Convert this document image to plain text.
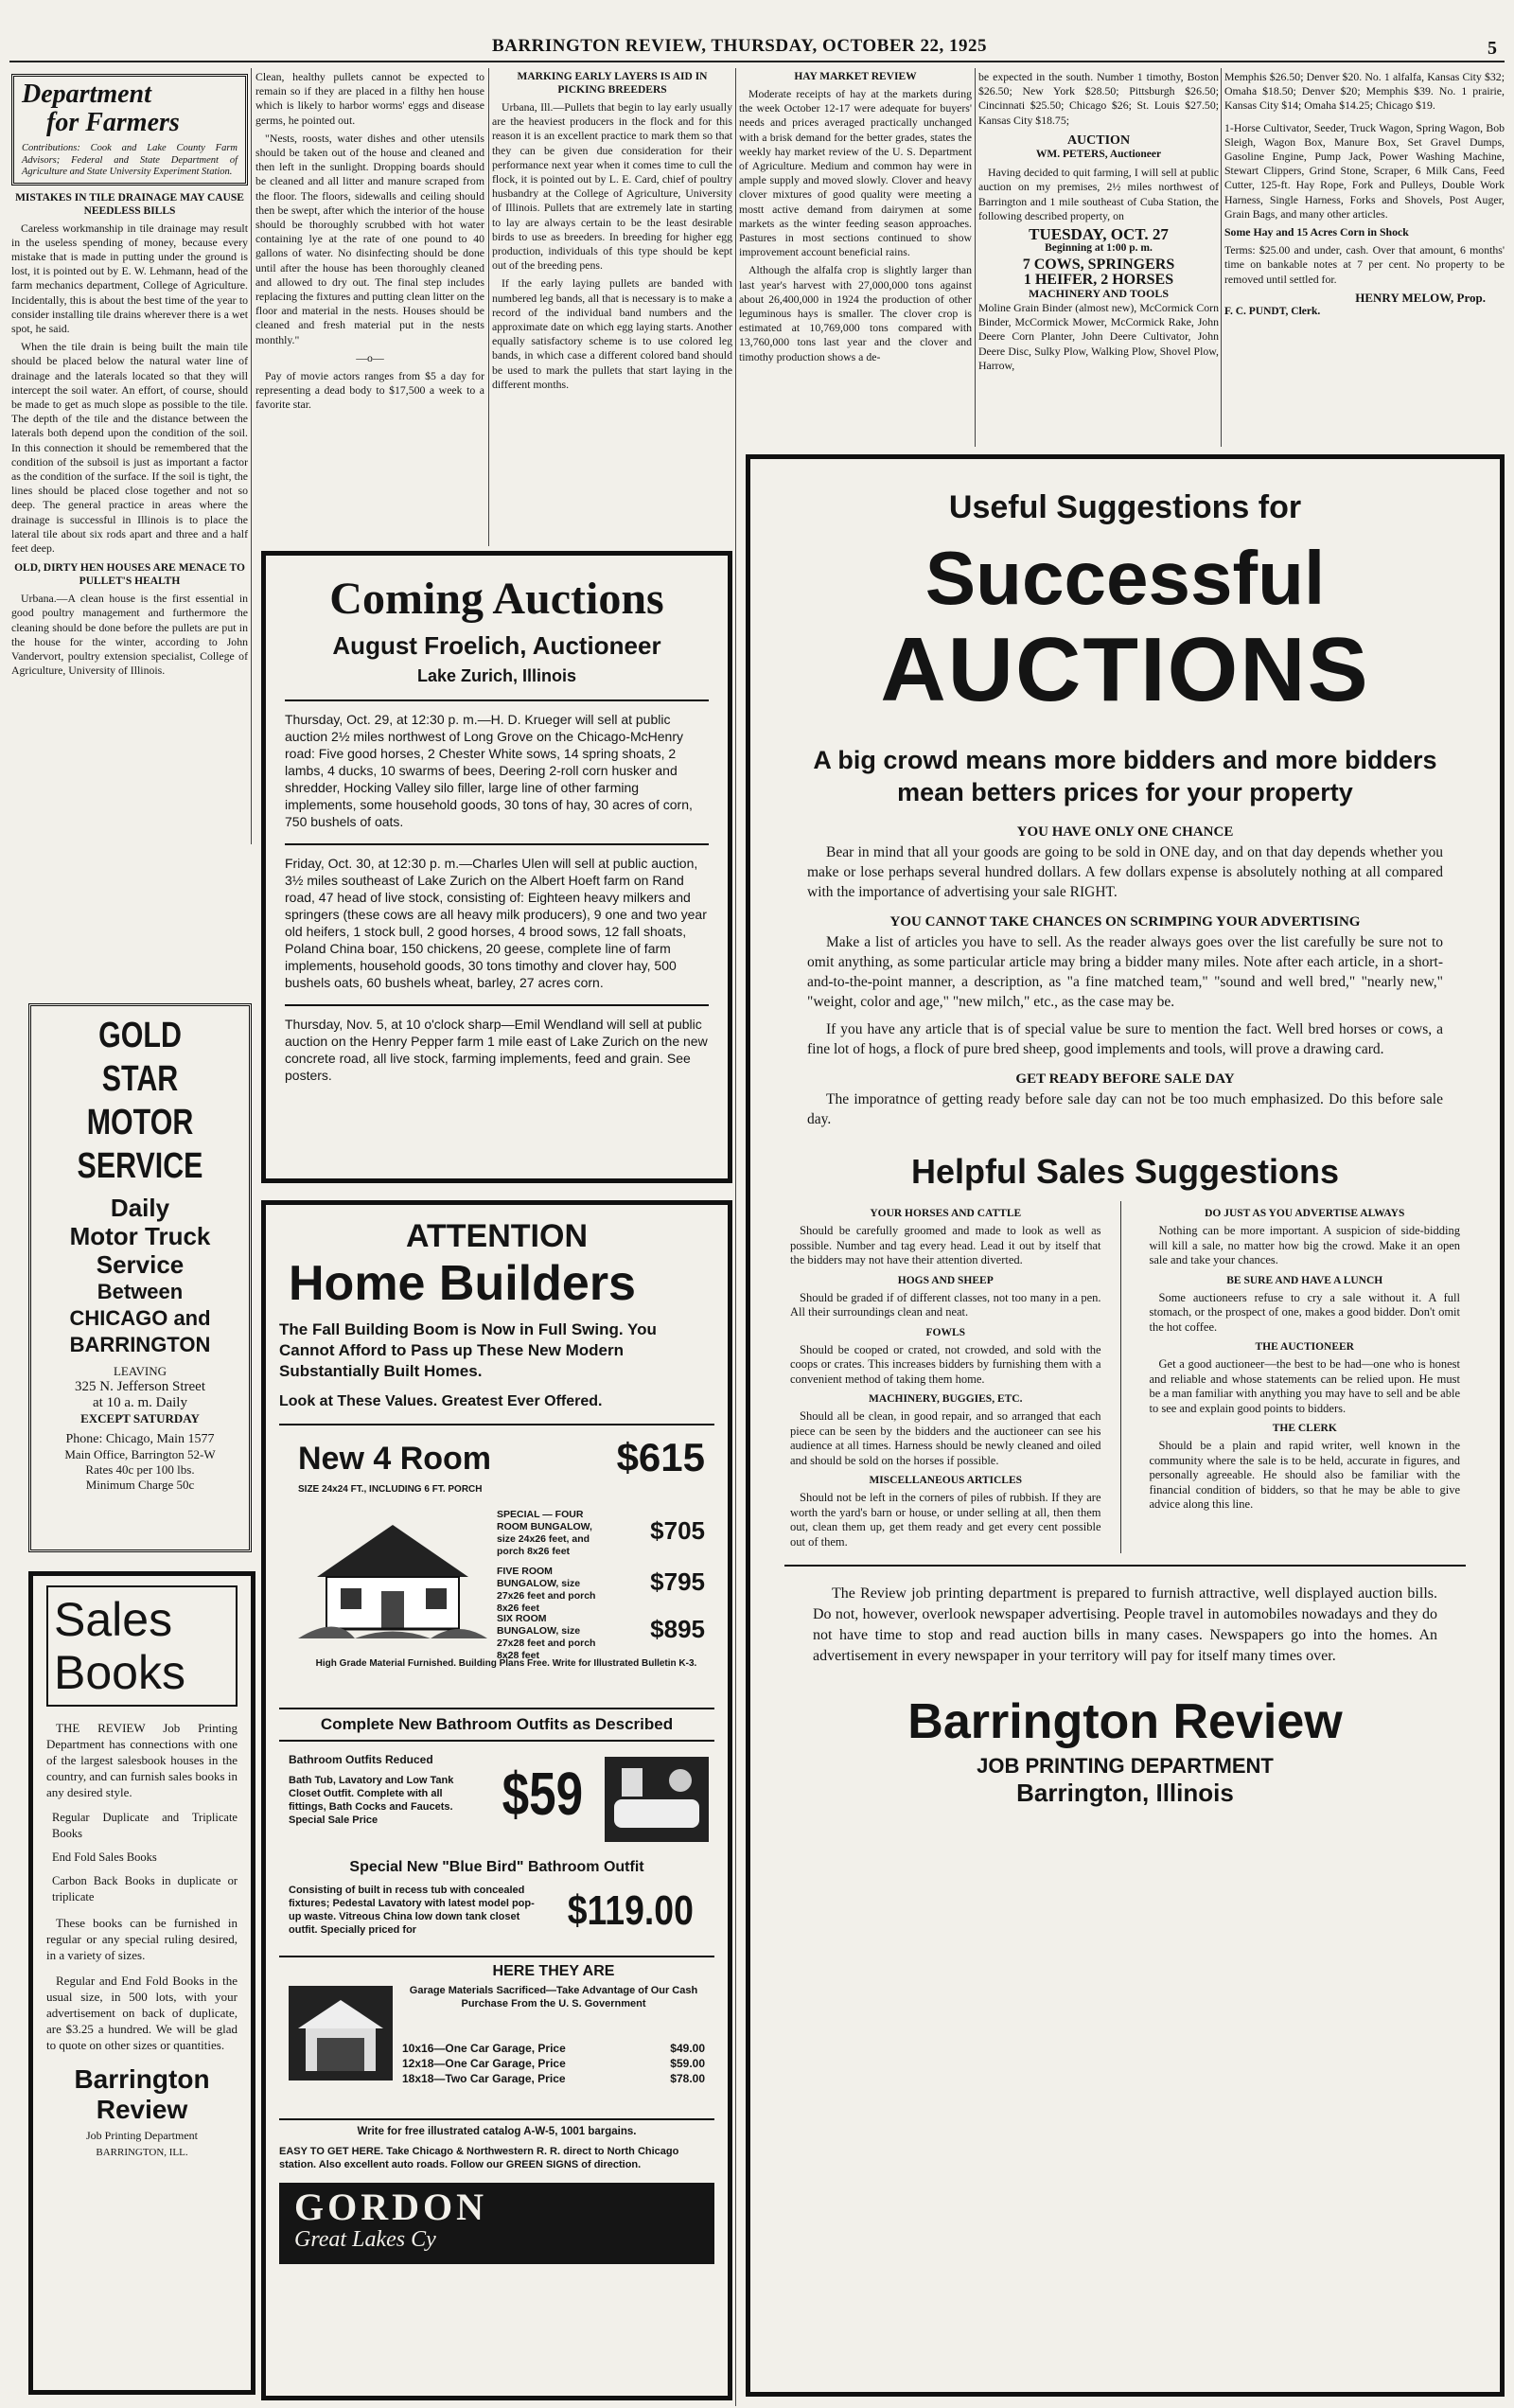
BARRINGTON REVIEW, THURSDAY, OCTOBER 22, 1925	5
Department
for Farmers
Contributions: Cook and Lake County Farm Advisors; Federal and State Department of Agriculture and State University Experiment Station.
MISTAKES IN TILE DRAINAGE MAY CAUSE NEEDLESS BILLS

Careless workmanship in tile drainage may result in the useless spending of money, because every mistake that is made in putting under the ground is lost, it is pointed out by E. W. Lehmann, head of the farm mechanics department, College of Agriculture. Incidentally, this is about the best time of the year to consider installing tile drains wherever there is a wet spot, he said.

When the tile drain is being built the main tile should be placed below the natural water line of drainage and the laterals located so that they will intercept the soil water. An effort, of course, should be made to get as much slope as possible to the tile. The depth of the tile and the distance between the laterals both depend upon the condition of the soil. In this connection it should be remembered that the condition of the subsoil is just as important a factor as the condition of the surface. If the soil is tight, the lines should be placed close together and not so deep. The general practice in areas where the drainage is successful in Illinois is to place the lateral tile about six rods apart and three and a half feet deep.

OLD, DIRTY HEN HOUSES ARE MENACE TO PULLET'S HEALTH

Urbana.—A clean house is the first essential in good poultry management and furthermore the cleaning should be done before the pullets are put in the house for the winter, according to John Vandervort, poultry extension specialist, College of Agriculture, University of Illinois.

GOLD STAR
MOTOR
SERVICE
Daily
Motor Truck
Service
Between
CHICAGO and
BARRINGTON
LEAVING
325 N. Jefferson Street
at 10 a. m. Daily
EXCEPT SATURDAY
Phone: Chicago, Main 1577
Main Office, Barrington 52-W
Rates 40c per 100 lbs.
Minimum Charge 50c
Sales
Books

THE REVIEW Job Printing Department has connections with one of the largest salesbook houses in the country, and can furnish sales books in any desired style.

Regular Duplicate and Triplicate Books
End Fold Sales Books
Carbon Back Books in duplicate or triplicate

These books can be furnished in regular or any special ruling desired, in a variety of sizes.

Regular and End Fold Books in the usual size, in 500 lots, with your advertisement on back of duplicate, are $3.25 a hundred. We will be glad to quote on other sizes or quantities.

Barrington
Review
Job Printing Department
BARRINGTON, ILL.

Clean, healthy pullets cannot be expected to remain so if they are placed in a filthy hen house which is likely to harbor worms' eggs and disease germs, he pointed out.

"Nests, roosts, water dishes and other utensils should be taken out of the house and cleaned and then left in the sunlight. Dropping boards should be cleaned and all litter and manure scraped from the floor. The floors, sidewalls and ceiling should then be swept, after which the interior of the house should be thoroughly scrubbed with hot water containing lye at the rate of one pound to 40 gallons of water. No disinfecting should be done until after the house has been thoroughly cleaned and allowed to dry out. The final step includes replacing the fixtures and putting clean litter on the floor and material in the nests. Houses should be cleaned and fresh material put in the nests monthly."

—o—

Pay of movie actors ranges from $5 a day for representing a dead body to $17,500 a week to a favorite star.

MARKING EARLY LAYERS IS AID IN PICKING BREEDERS

Urbana, Ill.—Pullets that begin to lay early usually are the heaviest producers in the flock and for this reason it is an excellent practice to mark them so that they can be given due consideration for their performance next year when it comes time to cull the flock, it is pointed out by L. E. Card, chief of poultry husbandry at the College of Agriculture, University of Illinois. Pullets that are extremely late in starting to lay are always certain to be the least desirable birds to use as breeders. In breeding for higher egg production, individuals of this type should be kept out of the breeding pens.

If the early laying pullets are banded with numbered leg bands, all that is necessary is to make a record of the individual band numbers and the approximate date on which egg laying starts. Another equally satisfactory scheme is to use colored leg bands, in which case a different colored band should be used to mark the pullets that start laying in the different months.

Coming Auctions
August Froelich, Auctioneer
Lake Zurich, Illinois
Thursday, Oct. 29, at 12:30 p. m.—H. D. Krueger will sell at public auction 2½ miles northwest of Long Grove on the Chicago-McHenry road: Five good horses, 2 Chester White sows, 14 spring shoats, 2 lambs, 4 ducks, 10 swarms of bees, Deering 2-roll corn husker and shredder, Hocking Valley silo filler, large line of other farming implements, some household goods, 30 tons of hay, 30 acres of corn, 750 bushels of oats.
Friday, Oct. 30, at 12:30 p. m.—Charles Ulen will sell at public auction, 3½ miles southeast of Lake Zurich on the Albert Hoeft farm on Rand road, 47 head of live stock, consisting of: Eighteen heavy milkers and springers (these cows are all heavy milk producers), 9 one and two year old heifers, 1 stock bull, 2 good horses, 4 brood sows, 12 fall shoats, Poland China boar, 150 chickens, 20 geese, complete line of farm implements, household goods, 30 tons timothy and clover hay, 500 bushels oats, 60 bushels wheat, barley, 27 acres corn.
Thursday, Nov. 5, at 10 o'clock sharp—Emil Wendland will sell at public auction on the Henry Pepper farm 1 mile east of Lake Zurich on the new concrete road, all live stock, farming implements, feed and grain. See posters.
ATTENTION
Home Builders
The Fall Building Boom is Now in Full Swing. You Cannot Afford to Pass up These New Modern Substantially Built Homes.
Look at These Values. Greatest Ever Offered.
New 4 Room	$615
SIZE 24x24 FT., INCLUDING 6 FT. PORCH
SPECIAL — FOUR ROOM BUNGALOW, size 24x26 feet, and porch 8x26 feet
$705
FIVE ROOM BUNGALOW, size 27x26 feet and porch 8x26 feet
$795
SIX ROOM BUNGALOW, size 27x28 feet and porch 8x28 feet
$895
High Grade Material Furnished. Building Plans Free. Write for Illustrated Bulletin K-3.
Complete New Bathroom Outfits as Described
Bathroom Outfits Reduced
Bath Tub, Lavatory and Low Tank Closet Outfit. Complete with all fittings, Bath Cocks and Faucets. Special Sale Price	$59
Special New "Blue Bird" Bathroom Outfit
Consisting of built in recess tub with concealed fixtures; Pedestal Lavatory with latest model pop-up waste. Vitreous China low down tank closet outfit. Specially priced for	$119.00
HERE THEY ARE
Garage Materials Sacrificed—Take Advantage of Our Cash Purchase From the U. S. Government
10x16—One Car Garage, Price	$49.00
12x18—One Car Garage, Price	$59.00
18x18—Two Car Garage, Price	$78.00
Write for free illustrated catalog A-W-5, 1001 bargains.
EASY TO GET HERE. Take Chicago & Northwestern R. R. direct to North Chicago station. Also excellent auto roads. Follow our GREEN SIGNS of direction.
GORDON
Great Lakes Cy
HAY MARKET REVIEW

Moderate receipts of hay at the markets during the week October 12-17 were adequate for buyers' needs and prices averaged practically unchanged with a brisk demand for the better grades, states the weekly hay market review of the U. S. Department of Agriculture. Medium and common hay were in ample supply and moved slowly. Clover and heavy clover mixtures of good quality were meeting a mostt active demand from dairymen at some markets as the winter feeding season approaches. Pastures in most sections continued to show improvement account beneficial rains.

Although the alfalfa crop is slightly larger than last year's harvest with 27,000,000 tons against about 26,400,000 in 1924 the production of other leguminous hays is smaller. The clover crop is estimated at 10,769,000 tons compared with 13,760,000 tons last year and the clover and timothy production shows a de-

be expected in the south. Number 1 timothy, Boston $26.50; New York $28.50; Pittsburgh $26.50; Cincinnati $25.50; Chicago $26; St. Louis $27.50; Kansas City $18.75;

AUCTION
WM. PETERS, Auctioneer

Having decided to quit farming, I will sell at public auction on my premises, 2½ miles northwest of Barrington and 1 mile southeast of Cuba Station, the following described property, on

TUESDAY, OCT. 27
Beginning at 1:00 p. m.
7 COWS, SPRINGERS
1 HEIFER, 2 HORSES
MACHINERY AND TOOLS

Moline Grain Binder (almost new), McCormick Corn Binder, McCormick Mower, McCormick Rake, John Deere Corn Planter, John Deere Cultivator, John Deere Disc, Sulky Plow, Walking Plow, Shovel Plow, Harrow,

Memphis $26.50; Denver $20. No. 1 alfalfa, Kansas City $32; Omaha $18.50; Denver $20; Memphis $39. No. 1 prairie, Kansas City $14; Omaha $14.25; Chicago $19.

1-Horse Cultivator, Seeder, Truck Wagon, Spring Wagon, Bob Sleigh, Wagon Box, Manure Box, Set Gravel Dumps, Gasoline Engine, Pump Jack, Power Washing Machine, Stewart Clippers, Grind Stone, Scraper, 6 Milk Cans, Feed Cutter, 125-ft. Hay Rope, Fork and Pulleys, Double Work Harness, Single Harness, Forks and Shovels, Post Auger, Grain Bags, and many other articles.

Some Hay and 15 Acres Corn in Shock

Terms: $25.00 and under, cash. Over that amount, 6 months' time on bankable notes at 7 per cent. No property to be removed until settled for.

HENRY MELOW, Prop.
F. C. PUNDT, Clerk.
Useful Suggestions for
Successful
AUCTIONS
A big crowd means more bidders and more bidders mean betters prices for your property
YOU HAVE ONLY ONE CHANCE

Bear in mind that all your goods are going to be sold in ONE day, and on that day depends whether you make or lose perhaps several hundred dollars. A few dollars expense is absolutely nothing at all compared with the importance of advertising your sale RIGHT.

YOU CANNOT TAKE CHANCES ON SCRIMPING YOUR ADVERTISING

Make a list of articles you have to sell. As the reader always goes over the list carefully be sure not to omit anything, as some particular article may bring a bidder many miles. Note after each article, in a short-and-to-the-point manner, a description, as "a fine matched team," "sound and well bred," "nearly new," "weight, color and age," "new milch," etc., as the case may be.

If you have any article that is of special value be sure to mention the fact. Well bred horses or cows, a fine lot of hogs, a flock of pure bred sheep, good implements and tools, will prove a drawing card.

GET READY BEFORE SALE DAY

The imporatnce of getting ready before sale day can not be too much emphasized. Do this before sale day.

Helpful Sales Suggestions
YOUR HORSES AND CATTLE

Should be carefully groomed and made to look as well as possible. Number and tag every head. Lead it out by itself that the bidders may not have their attention diverted.

HOGS AND SHEEP

Should be graded if of different classes, not too many in a pen. All their surroundings clean and neat.

FOWLS

Should be cooped or crated, not crowded, and sold with the coops or crates. This increases bidders by furnishing them with a convenient method of taking them home.

MACHINERY, BUGGIES, ETC.

Should all be clean, in good repair, and so arranged that each piece can be seen by the bidders and the auctioneer can see his audience at all times. Harness should be newly cleaned and oiled and should be sold on the horses if possible.

MISCELLANEOUS ARTICLES

Should not be left in the corners of piles of rubbish. If they are worth the yard's barn or house, or under selling at all, then them out, clean them up, get them ready and get every cent possible out of them.

DO JUST AS YOU ADVERTISE ALWAYS

Nothing can be more important. A suspicion of side-bidding will kill a sale, no matter how big the crowd. Make it an open sale and take your chances.

BE SURE AND HAVE A LUNCH

Some auctioneers refuse to cry a sale without it. A full stomach, or the prospect of one, makes a good bidder. Don't omit the hot coffee.

THE AUCTIONEER

Get a good auctioneer—the best to be had—one who is honest and reliable and whose statements can be relied upon. He must be a man familiar with anything you may have to sell and be able to see and explain good points to bidders.

THE CLERK

Should be a plain and rapid writer, well known in the community where the sale is to be held, accurate in figures, and personally agreeable. He should also be familiar with the financial condition of bidders, so that he may be able to give advice along this line.

The Review job printing department is prepared to furnish attractive, well displayed auction bills. Do not, however, overlook newspaper advertising. People travel in automobiles nowadays and they do not have time to stop and read auction bills in many cases. Newspapers go into the homes. An advertisement in every newspaper in your territory will pay for itself many times over.

Barrington Review
JOB PRINTING DEPARTMENT
Barrington, Illinois
